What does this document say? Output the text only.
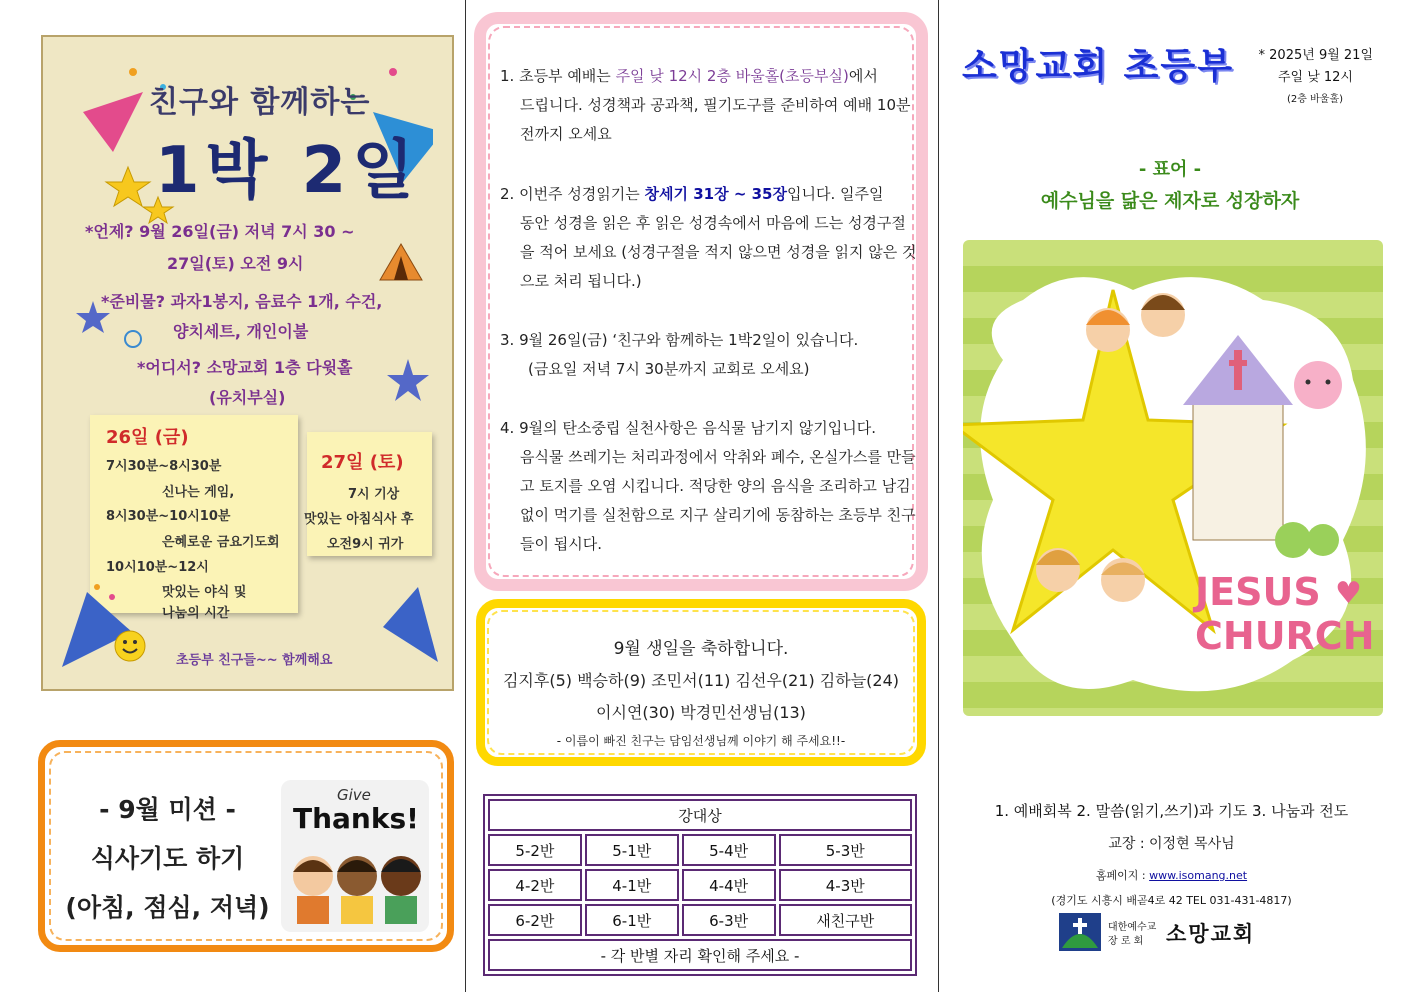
친구와 함께하는
1박 2일
*언제? 9월 26일(금) 저녁 7시 30 ~
27일(토) 오전 9시
*준비물? 과자1봉지, 음료수 1개, 수건,
양치세트, 개인이불
*어디서? 소망교회 1층 다윗홀
(유치부실)
26일 (금)
7시30분~8시30분
신나는 게임,
8시30분~10시10분
은혜로운 금요기도회
10시10분~12시
맛있는 야식 및
나눔의 시간
27일 (토)
7시 기상
맛있는 아침식사 후
오전9시 귀가
초등부 친구들~~ 함께해요
- 9월 미션 -
식사기도 하기
(아침, 점심, 저녁)
Give
Thanks!
1. 초등부 예배는 주일 낮 12시 2층 바울홀(초등부실)에서
드립니다. 성경책과 공과책, 필기도구를 준비하여 예배 10분전까지 오세요
2. 이번주 성경읽기는 창세기 31장 ~ 35장입니다. 일주일
동안 성경을 읽은 후 읽은 성경속에서 마음에 드는 성경구절을 적어 보세요 (성경구절을 적지 않으면 성경을 읽지 않은 것으로 처리 됩니다.)
3. 9월 26일(금) ‘친구와 함께하는 1박2일이 있습니다.
(금요일 저녁 7시 30분까지 교회로 오세요)
4. 9월의 탄소중립 실천사항은 음식물 남기지 않기입니다.
음식물 쓰레기는 처리과정에서 악취와 폐수, 온실가스를 만들고 토지를 오염 시킵니다. 적당한 양의 음식을 조리하고 남김없이 먹기를 실천함으로 지구 살리기에 동참하는 초등부 친구들이 됩시다.
9월 생일을 축하합니다.
김지후(5) 백승하(9) 조민서(11) 김선우(21) 김하늘(24)
이시연(30) 박경민선생님(13)
- 이름이 빠진 친구는 담임선생님께 이야기 해 주세요!!-
강대상			
5-2반	5-1반	5-4반	5-3반
4-2반	4-1반	4-4반	4-3반
6-2반	6-1반	6-3반	새친구반
- 각 반별 자리 확인해 주세요 -			
소망교회 초등부 * 2025년 9월 21일
주일 낮 12시
(2층 바울홀)
- 표어 -
예수님을 닮은 제자로 성장하자
JESUS ♥
CHURCH
1. 예배회복 2. 말씀(읽기,쓰기)과 기도 3. 나눔과 전도
교장 : 이정현 목사님
홈페이지 : www.isomang.net
(경기도 시흥시 배곧4로 42 TEL 031-431-4817)
대한예수교
장 로 회 소망교회
